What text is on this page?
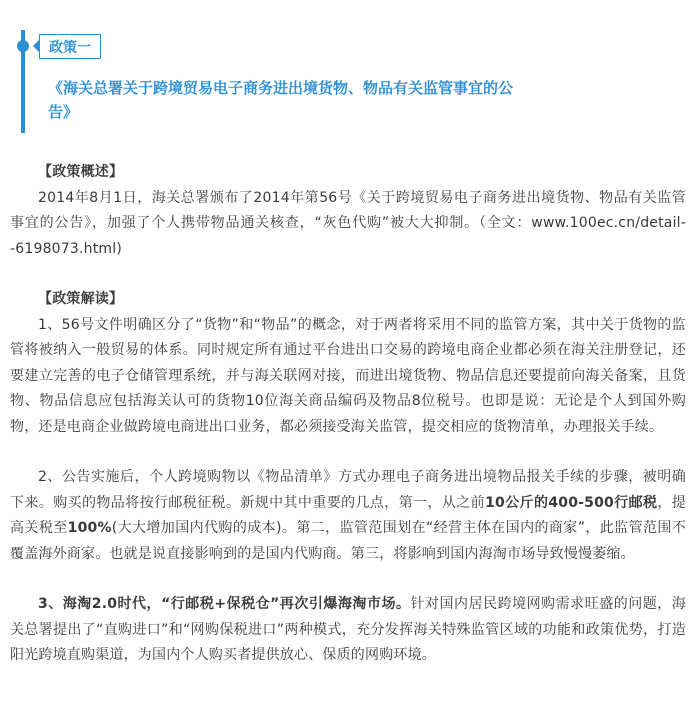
政策一
《海关总署关于跨境贸易电子商务进出境货物、物品有关监管事宜的公告》

【政策概述】

2014年8月1日，海关总署颁布了2014年第56号《关于跨境贸易电子商务进出境货物、物品有关监管事宜的公告》，加强了个人携带物品通关核查，“灰色代购”被大大抑制。（全文：www.100ec.cn/detail--6198073.html)

【政策解读】

1、56号文件明确区分了“货物”和“物品”的概念，对于两者将采用不同的监管方案，其中关于货物的监管将被纳入一般贸易的体系。同时规定所有通过平台进出口交易的跨境电商企业都必须在海关注册登记，还要建立完善的电子仓储管理系统，并与海关联网对接，而进出境货物、物品信息还要提前向海关备案，且货物、物品信息应包括海关认可的货物10位海关商品编码及物品8位税号。也即是说：无论是个人到国外购物，还是电商企业做跨境电商进出口业务，都必须接受海关监管，提交相应的货物清单，办理报关手续。

2、公告实施后，个人跨境购物以《物品清单》方式办理电子商务进出境物品报关手续的步骤，被明确下来。购买的物品将按行邮税征税。新规中其中重要的几点，第一，从之前10公斤的400-500行邮税，提高关税至100%(大大增加国内代购的成本)。第二，监管范围划在“经营主体在国内的商家”，此监管范围不覆盖海外商家。也就是说直接影响到的是国内代购商。第三，将影响到国内海淘市场导致慢慢萎缩。

3、海淘2.0时代，“行邮税+保税仓”再次引爆海淘市场。针对国内居民跨境网购需求旺盛的问题，海关总署提出了“直购进口”和“网购保税进口”两种模式，充分发挥海关特殊监管区域的功能和政策优势，打造阳光跨境直购渠道，为国内个人购买者提供放心、保质的网购环境。
